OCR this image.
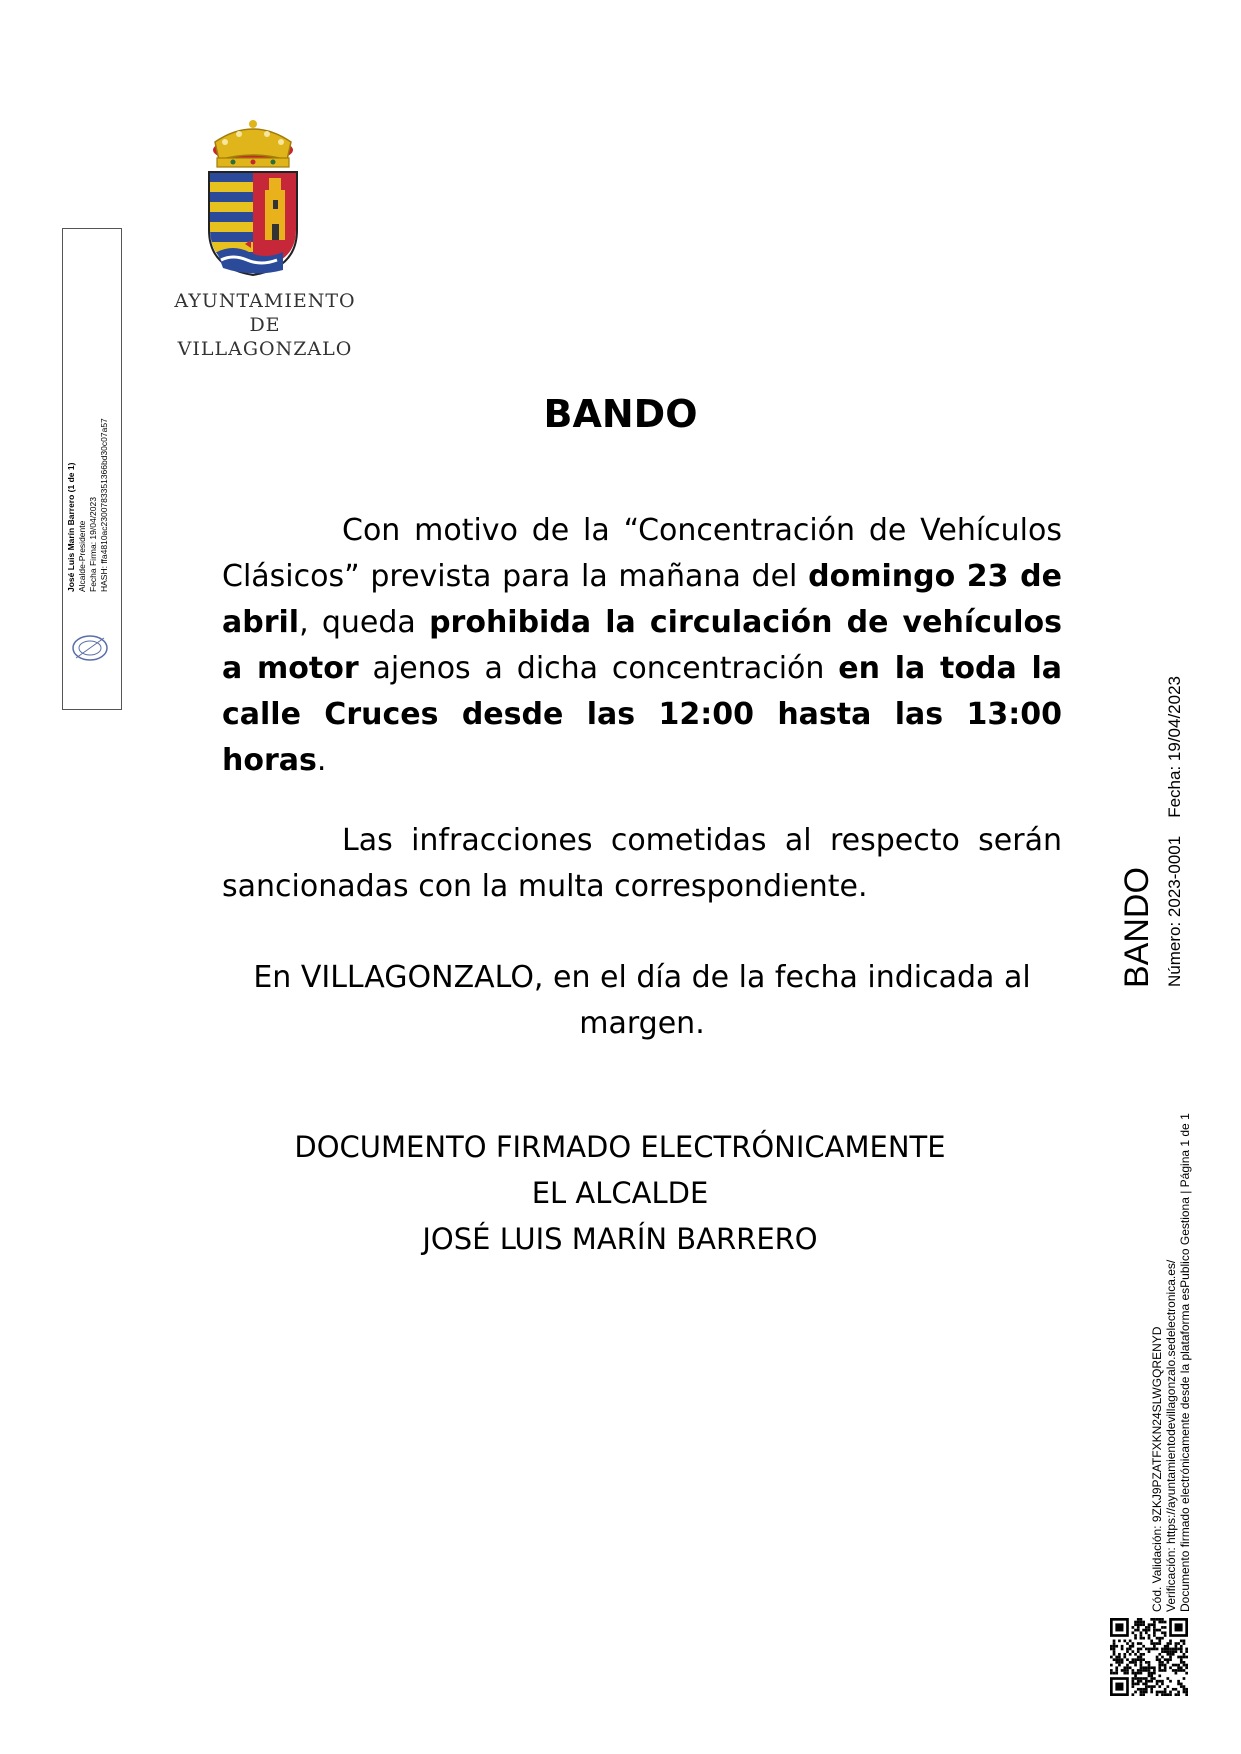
AYUNTAMIENTO
DE
VILLAGONZALO
BANDO
Con motivo de la “Concentración de Vehículos Clásicos” prevista para la mañana del domingo 23 de abril, queda prohibida la circulación de vehículos a motor ajenos a dicha concentración en la toda la calle Cruces desde las 12:00 hasta las 13:00 horas.
Las infracciones cometidas al respecto serán sancionadas con la multa correspondiente.
En VILLAGONZALO, en el día de la fecha indicada al margen.
DOCUMENTO FIRMADO ELECTRÓNICAMENTE
EL ALCALDE
JOSÉ LUIS MARÍN BARRERO
José Luis Marín Barrero (1 de 1) Alcalde-Presidente Fecha Firma: 19/04/2023 HASH: ffa4810ac2300783351366bd30c07a57
BANDO Número: 2023-0001Fecha: 19/04/2023
Cód. Validación: 9ZKJ9PZATFXKN24SLWGQRENYD Verificación: https://ayuntamientodevillagonzalo.sedelectronica.es/ Documento firmado electrónicamente desde la plataforma esPublico Gestiona | Página 1 de 1
